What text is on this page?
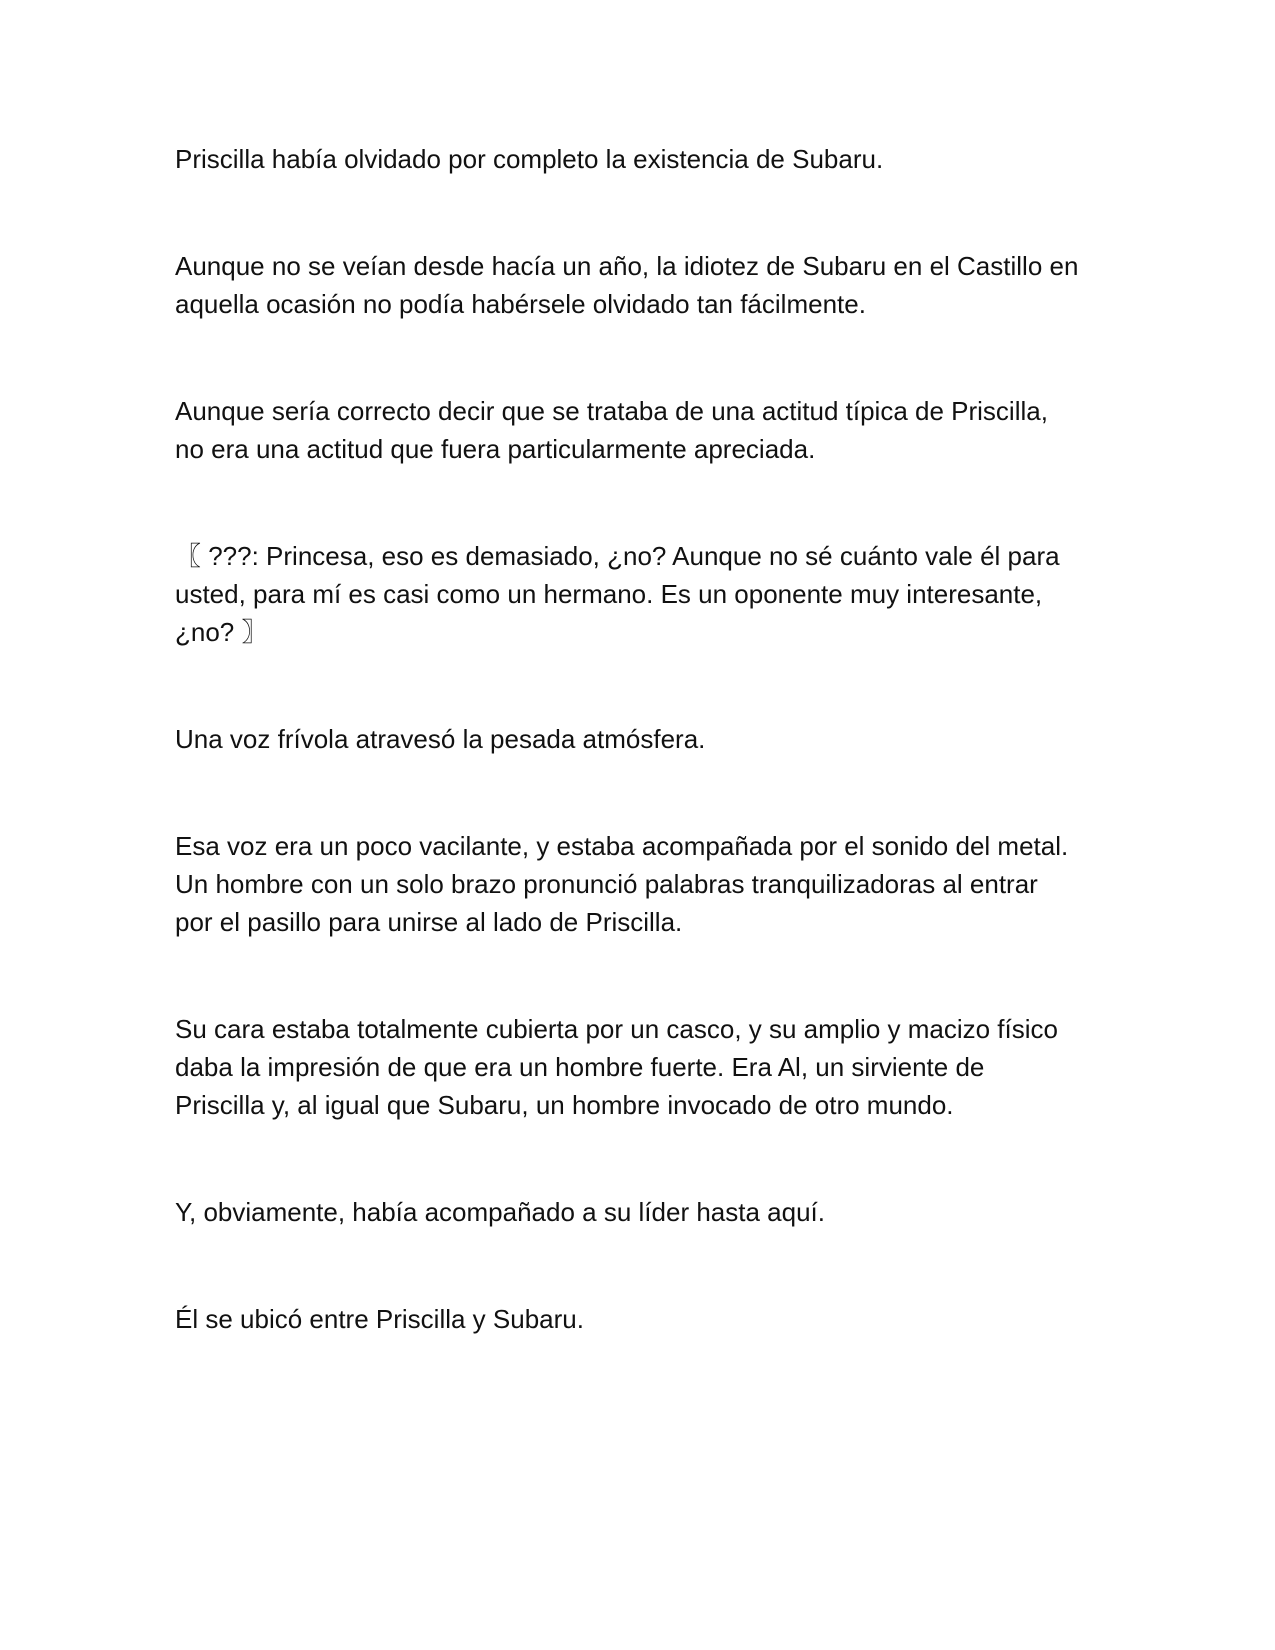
Priscilla había olvidado por completo la existencia de Subaru.

Aunque no se veían desde hacía un año, la idiotez de Subaru en el Castillo en
aquella ocasión no podía habérsele olvidado tan fácilmente.

Aunque sería correcto decir que se trataba de una actitud típica de Priscilla,
no era una actitud que fuera particularmente apreciada.

〖 ???: Princesa, eso es demasiado, ¿no? Aunque no sé cuánto vale él para
usted, para mí es casi como un hermano. Es un oponente muy interesante,
¿no? 〗

Una voz frívola atravesó la pesada atmósfera.

Esa voz era un poco vacilante, y estaba acompañada por el sonido del metal.
Un hombre con un solo brazo pronunció palabras tranquilizadoras al entrar
por el pasillo para unirse al lado de Priscilla.

Su cara estaba totalmente cubierta por un casco, y su amplio y macizo físico
daba la impresión de que era un hombre fuerte. Era Al, un sirviente de
Priscilla y, al igual que Subaru, un hombre invocado de otro mundo.

Y, obviamente, había acompañado a su líder hasta aquí.

Él se ubicó entre Priscilla y Subaru.
